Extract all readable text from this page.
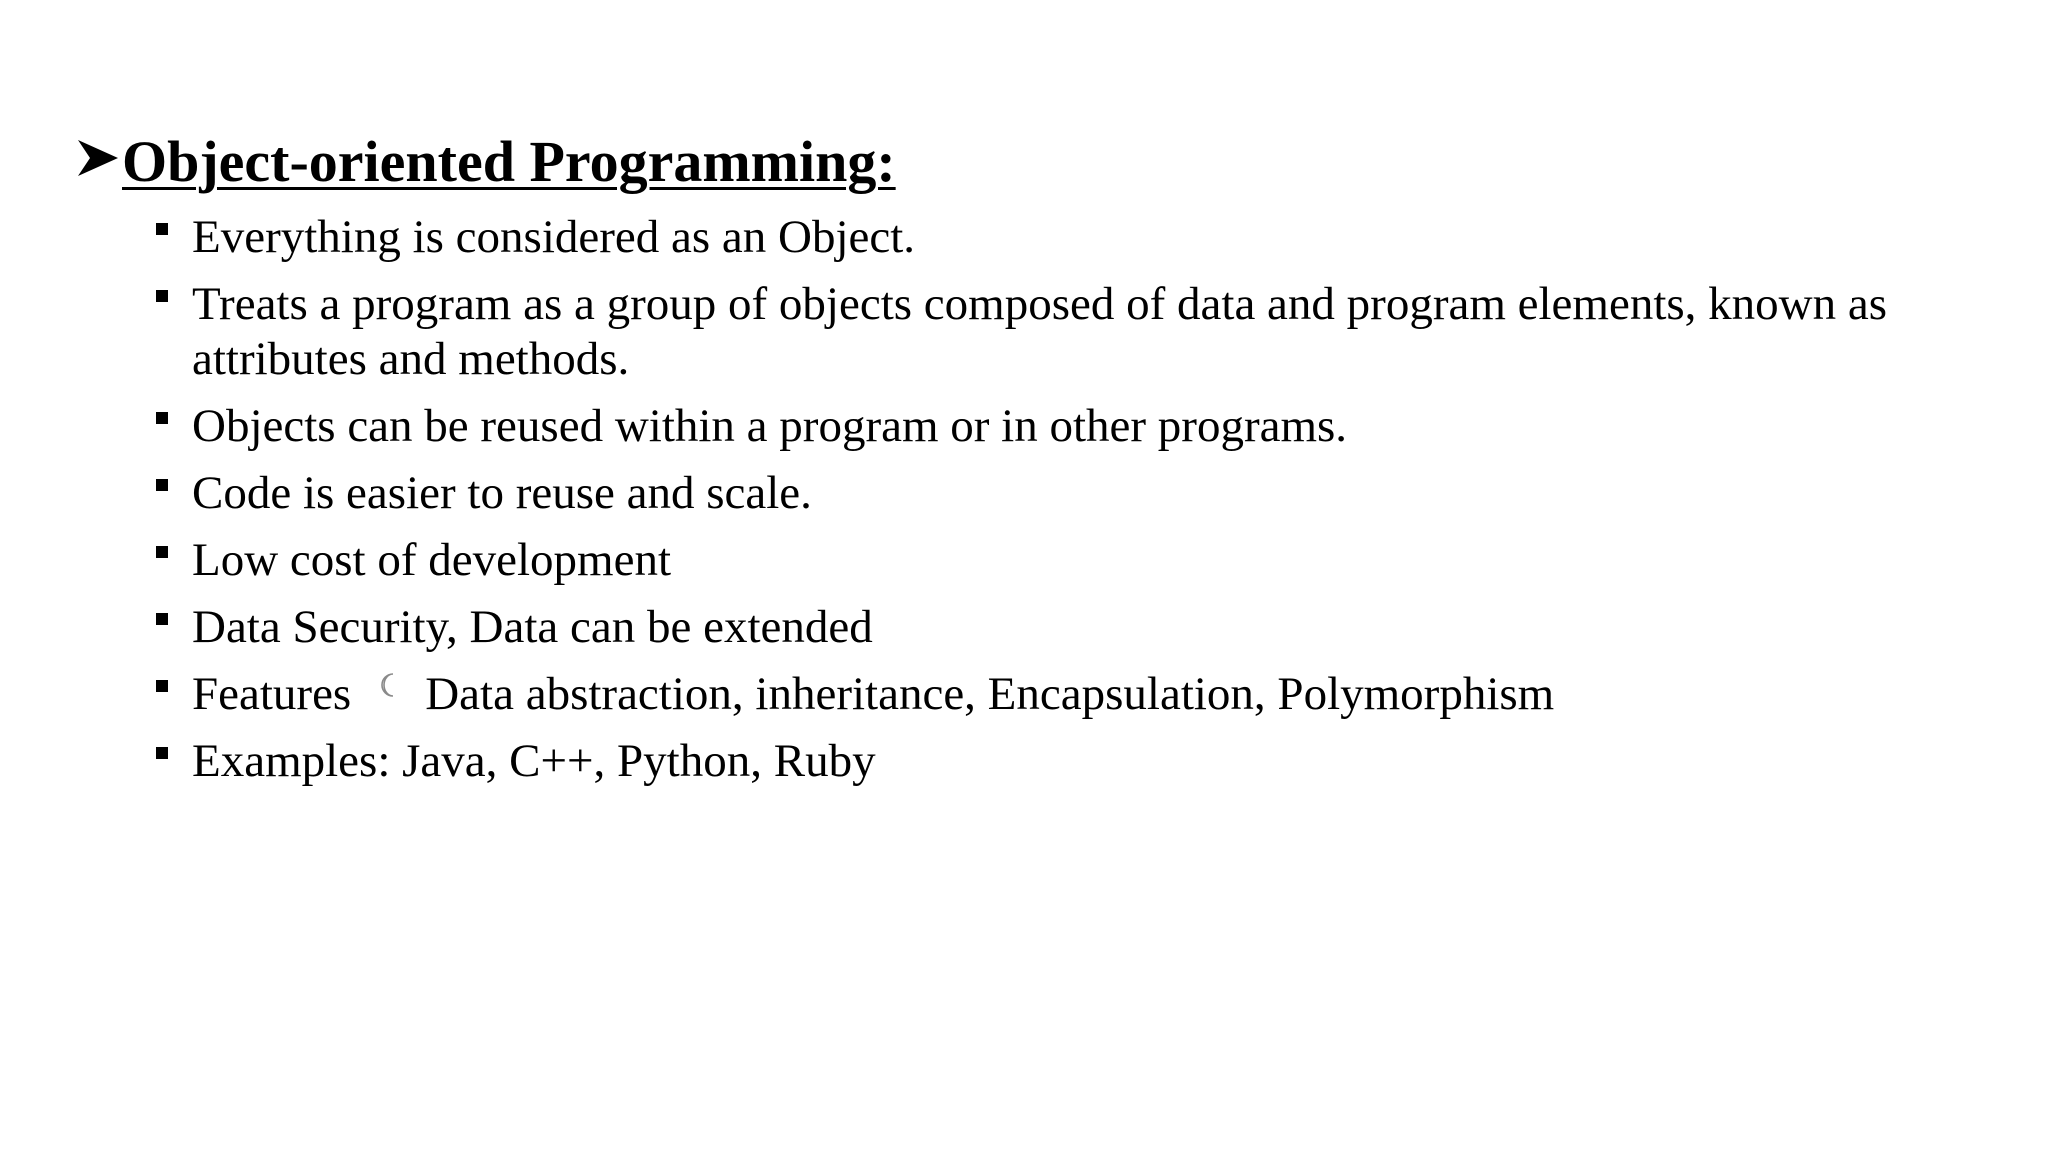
Object-oriented Programming:
Everything is considered as an Object.
Treats a program as a group of objects composed of data and program elements, known as attributes and methods.
Objects can be reused within a program or in other programs.
Code is easier to reuse and scale.
Low cost of development
Data Security, Data can be extended
Features Data abstraction, inheritance, Encapsulation, Polymorphism
Examples: Java, C++, Python, Ruby
